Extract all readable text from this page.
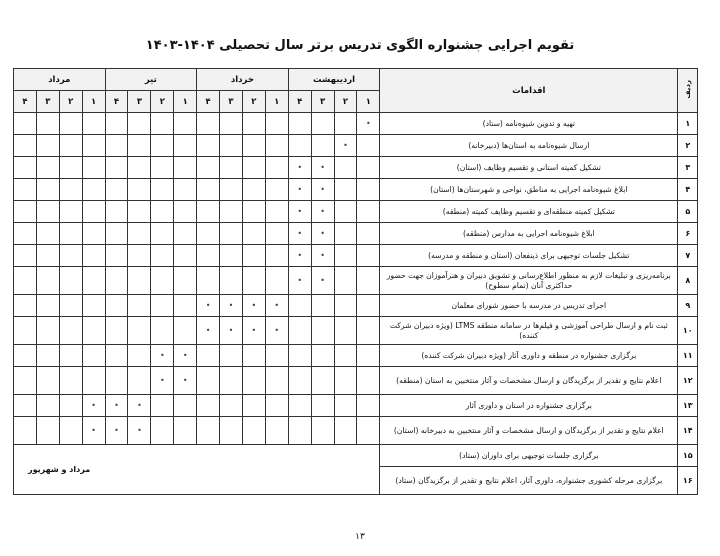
تقویم اجرایی جشنواره الگوی تدریس برتر سال تحصیلی ۱۴۰۴-۱۴۰۳
ردیف	اقدامات	اردیبهشت				خرداد				تیر				مرداد			
		۱	۲	۳	۴	۱	۲	۳	۴	۱	۲	۳	۴	۱	۲	۳	۴
۱	تهیه و تدوین شیوه‌نامه (ستاد)	•															
۲	ارسال شیوه‌نامه به استان‌ها (دبیرخانه)		•														
۳	تشکیل کمیته استانی و تقسیم وظایف (استان)			•	•												
۴	ابلاغ شیوه‌نامه اجرایی به مناطق، نواحی و شهرستان‌ها (استان)			•	•												
۵	تشکیل کمیته منطقه‌ای و تقسیم وظایف کمیته (منطقه)			•	•												
۶	ابلاغ شیوه‌نامه اجرایی به مدارس (منطقه)			•	•												
۷	تشکیل جلسات توجیهی برای ذینفعان (استان و منطقه و مدرسه)			•	•												
۸	برنامه‌ریزی و تبلیغات لازم به منظور اطلاع‌رسانی و تشویق دبیران و هنرآموزان جهت حضور حداکثری آنان (تمام سطوح)			•	•												
۹	اجرای تدریس در مدرسه با حضور شورای معلمان					•	•	•	•								
۱۰	ثبت نام و ارسال طراحی آموزشی و فیلم‌ها در سامانه منطقه LTMS (ویژه دبیران شرکت کننده)					•	•	•	•								
۱۱	برگزاری جشنواره در منطقه و داوری آثار (ویژه دبیران شرکت کننده)									•	•						
۱۲	اعلام نتایج و تقدیر از برگزیدگان و ارسال مشخصات و آثار منتخبین به استان (منطقه)									•	•						
۱۳	برگزاری جشنواره در استان و داوری آثار											•	•	•			
۱۴	اعلام نتایج و تقدیر از برگزیدگان و ارسال مشخصات و آثار منتخبین به دبیرخانه (استان)											•	•	•			
۱۵	برگزاری جلسات توجیهی برای داوران (ستاد)	مرداد و شهریور															
۱۶	برگزاری مرحله کشوری جشنواره، داوری آثار، اعلام نتایج و تقدیر از برگزیدگان (ستاد)																
۱۳
